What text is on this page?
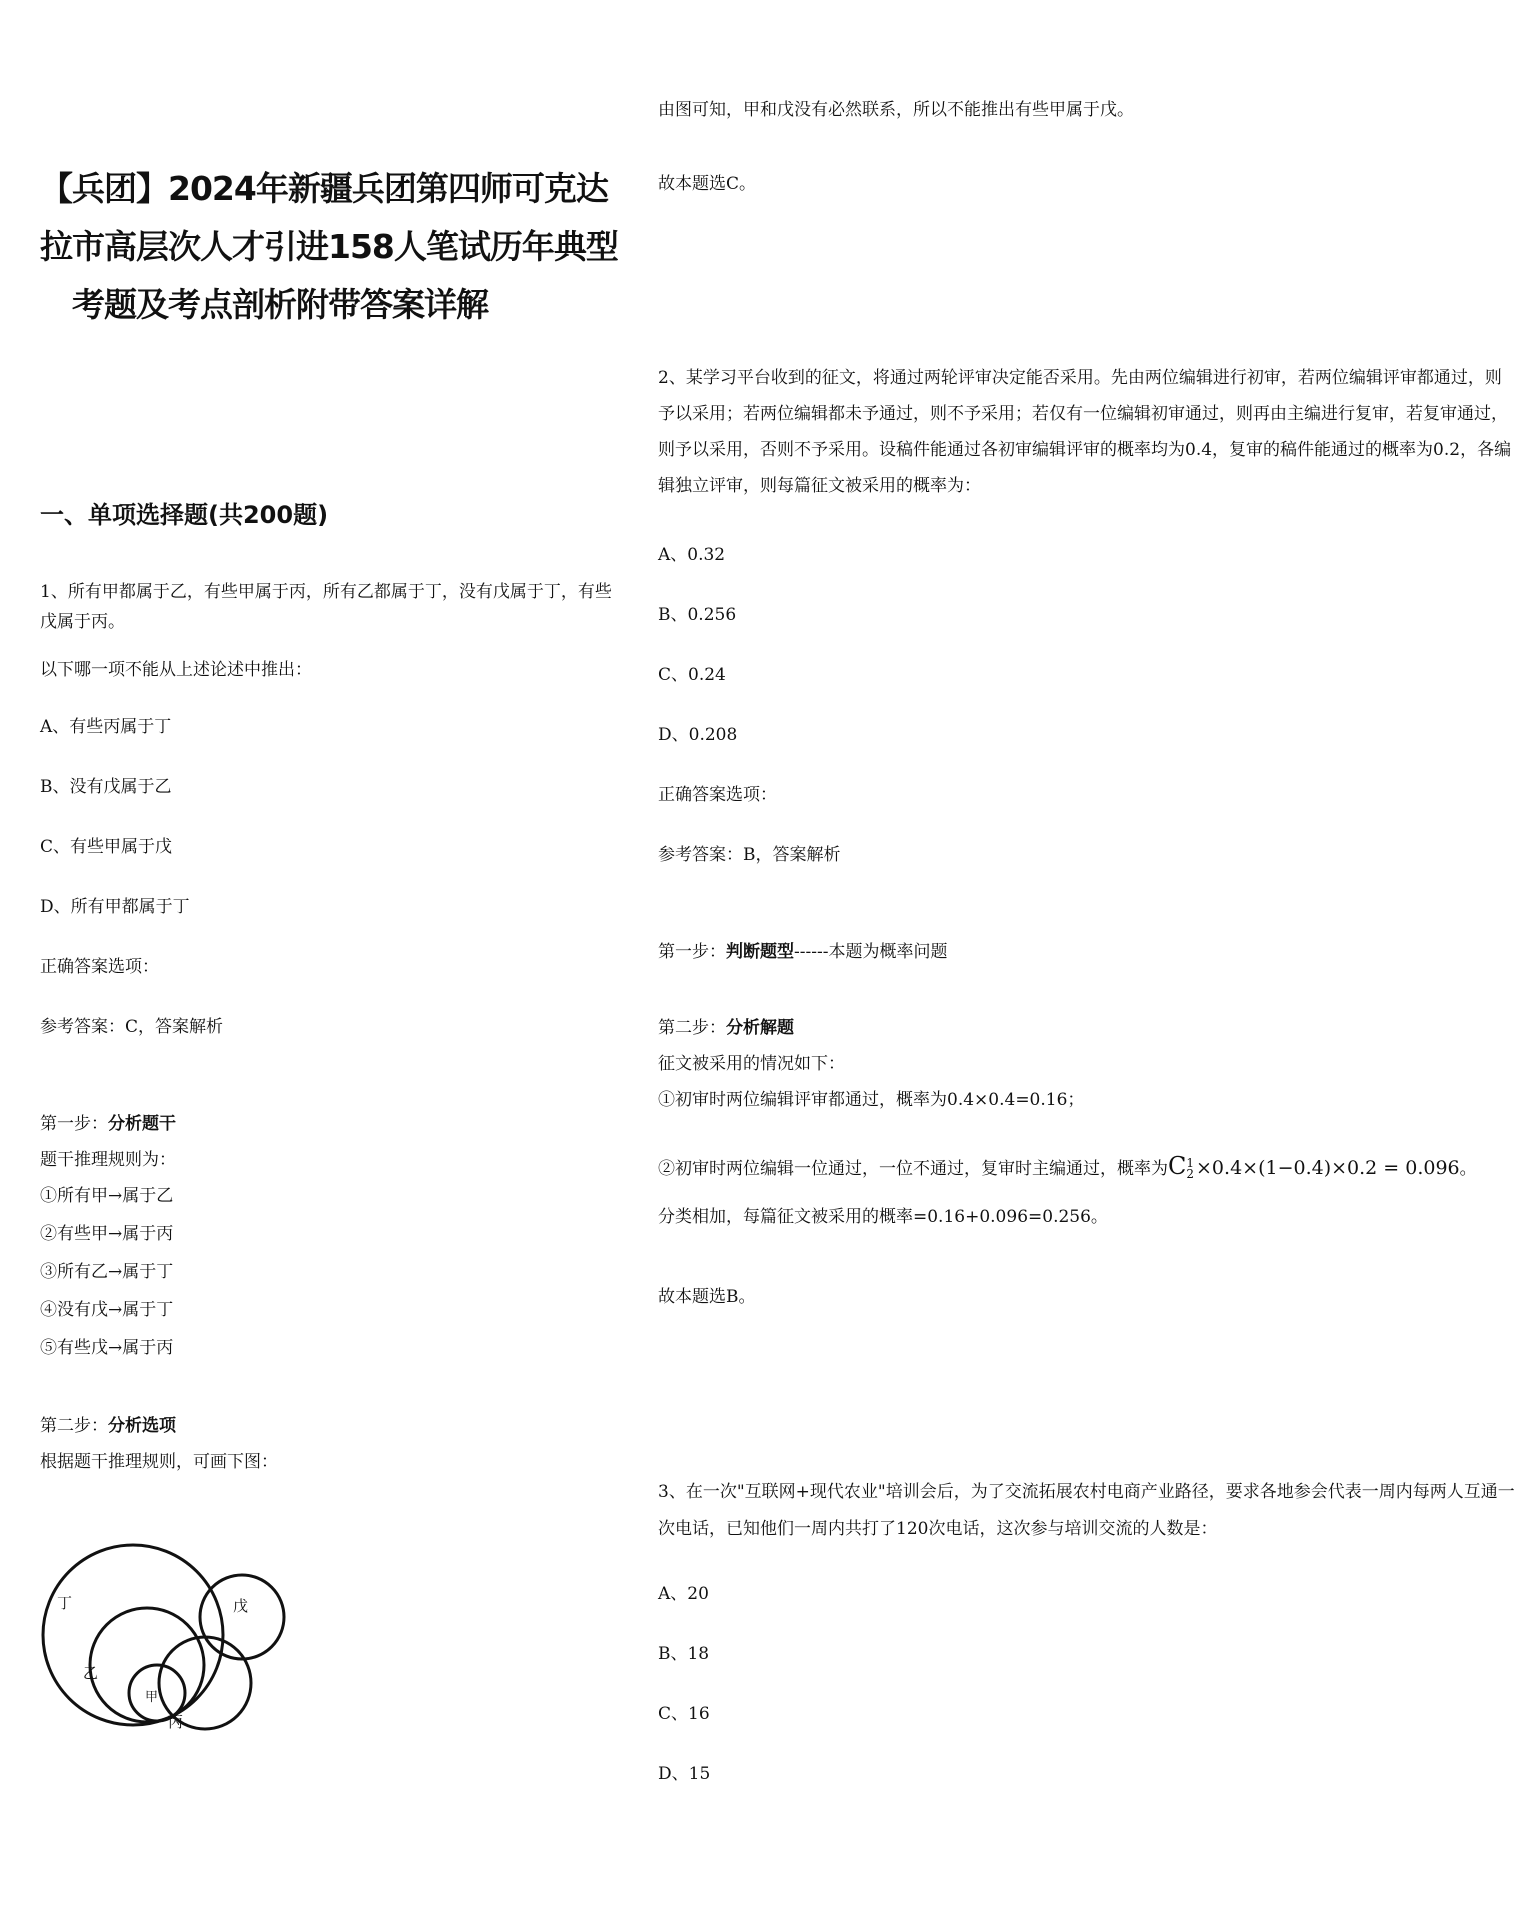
【兵团】2024年新疆兵团第四师可克达
拉市高层次人才引进158人笔试历年典型
考题及考点剖析附带答案详解
一、单项选择题(共200题)
1、所有甲都属于乙，有些甲属于丙，所有乙都属于丁，没有戊属于丁，有些
戊属于丙。
以下哪一项不能从上述论述中推出：
A、有些丙属于丁
B、没有戊属于乙
C、有些甲属于戊
D、所有甲都属于丁
正确答案选项：
参考答案：C，答案解析
第一步：分析题干
题干推理规则为：
①所有甲→属于乙
②有些甲→属于丙
③所有乙→属于丁
④没有戊→属于丁
⑤有些戊→属于丙
第二步：分析选项
根据题干推理规则，可画下图：
丁
乙
甲
丙
戊
由图可知，甲和戊没有必然联系，所以不能推出有些甲属于戊。
故本题选C。
2、某学习平台收到的征文，将通过两轮评审决定能否采用。先由两位编辑进行初审，若两位编辑评审都通过，则
予以采用；若两位编辑都未予通过，则不予采用；若仅有一位编辑初审通过，则再由主编进行复审，若复审通过，
则予以采用，否则不予采用。设稿件能通过各初审编辑评审的概率均为0.4，复审的稿件能通过的概率为0.2，各编
辑独立评审，则每篇征文被采用的概率为：
A、0.32
B、0.256
C、0.24
D、0.208
正确答案选项：
参考答案：B，答案解析
第一步：判断题型------本题为概率问题
第二步：分析解题
征文被采用的情况如下：
①初审时两位编辑评审都通过，概率为0.4×0.4=0.16；
②初审时两位编辑一位通过，一位不通过，复审时主编通过，概率为C 1
2 ×0.4×(1−0.4)×0.2 = 0.096。
分类相加，每篇征文被采用的概率=0.16+0.096=0.256。
故本题选B。
3、在一次"互联网+现代农业"培训会后，为了交流拓展农村电商产业路径，要求各地参会代表一周内每两人互通一
次电话，已知他们一周内共打了120次电话，这次参与培训交流的人数是：
A、20
B、18
C、16
D、15
